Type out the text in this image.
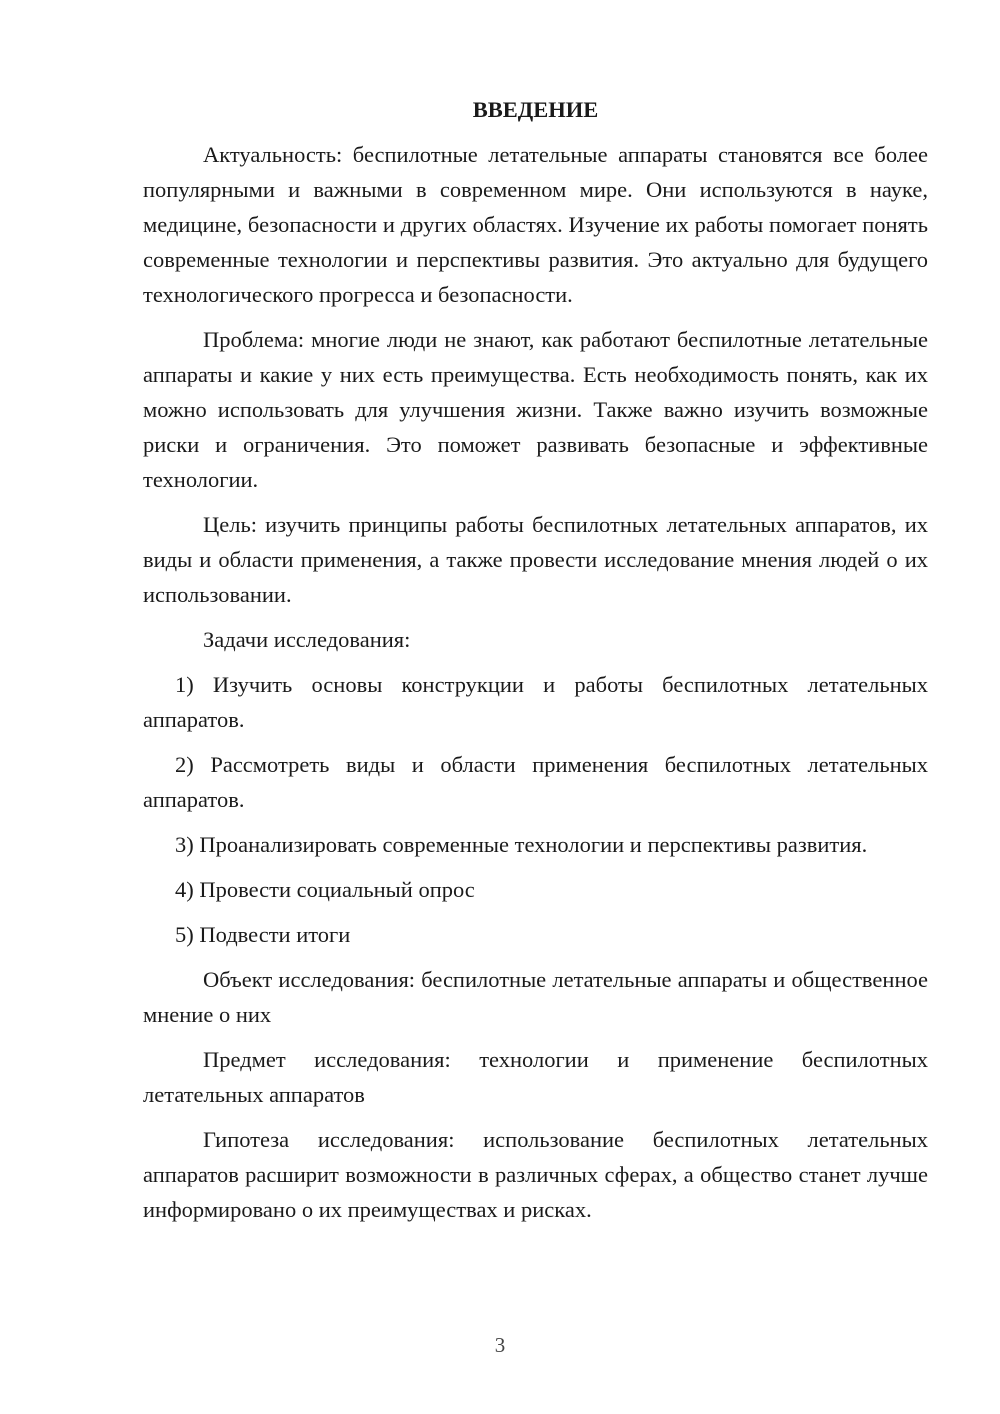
ВВЕДЕНИЕ

Актуальность: беспилотные летательные аппараты становятся все более популярными и важными в современном мире. Они используются в науке, медицине, безопасности и других областях. Изучение их работы помогает понять современные технологии и перспективы развития. Это актуально для будущего технологического прогресса и безопасности.

Проблема: многие люди не знают, как работают беспилотные летательные аппараты и какие у них есть преимущества. Есть необходимость понять, как их можно использовать для улучшения жизни. Также важно изучить возможные риски и ограничения. Это поможет развивать безопасные и эффективные технологии.

Цель: изучить принципы работы беспилотных летательных аппаратов, их виды и области применения, а также провести исследование мнения людей о их использовании.

Задачи исследования:

1) Изучить основы конструкции и работы беспилотных летательных аппаратов.

2) Рассмотреть виды и области применения беспилотных летательных аппаратов.

3) Проанализировать современные технологии и перспективы развития.

4) Провести социальный опрос

5) Подвести итоги

Объект исследования: беспилотные летательные аппараты и общественное мнение о них

Предмет исследования: технологии и применение беспилотных летательных аппаратов

Гипотеза исследования: использование беспилотных летательных аппаратов расширит возможности в различных сферах, а общество станет лучше информировано о их преимуществах и рисках.

3
